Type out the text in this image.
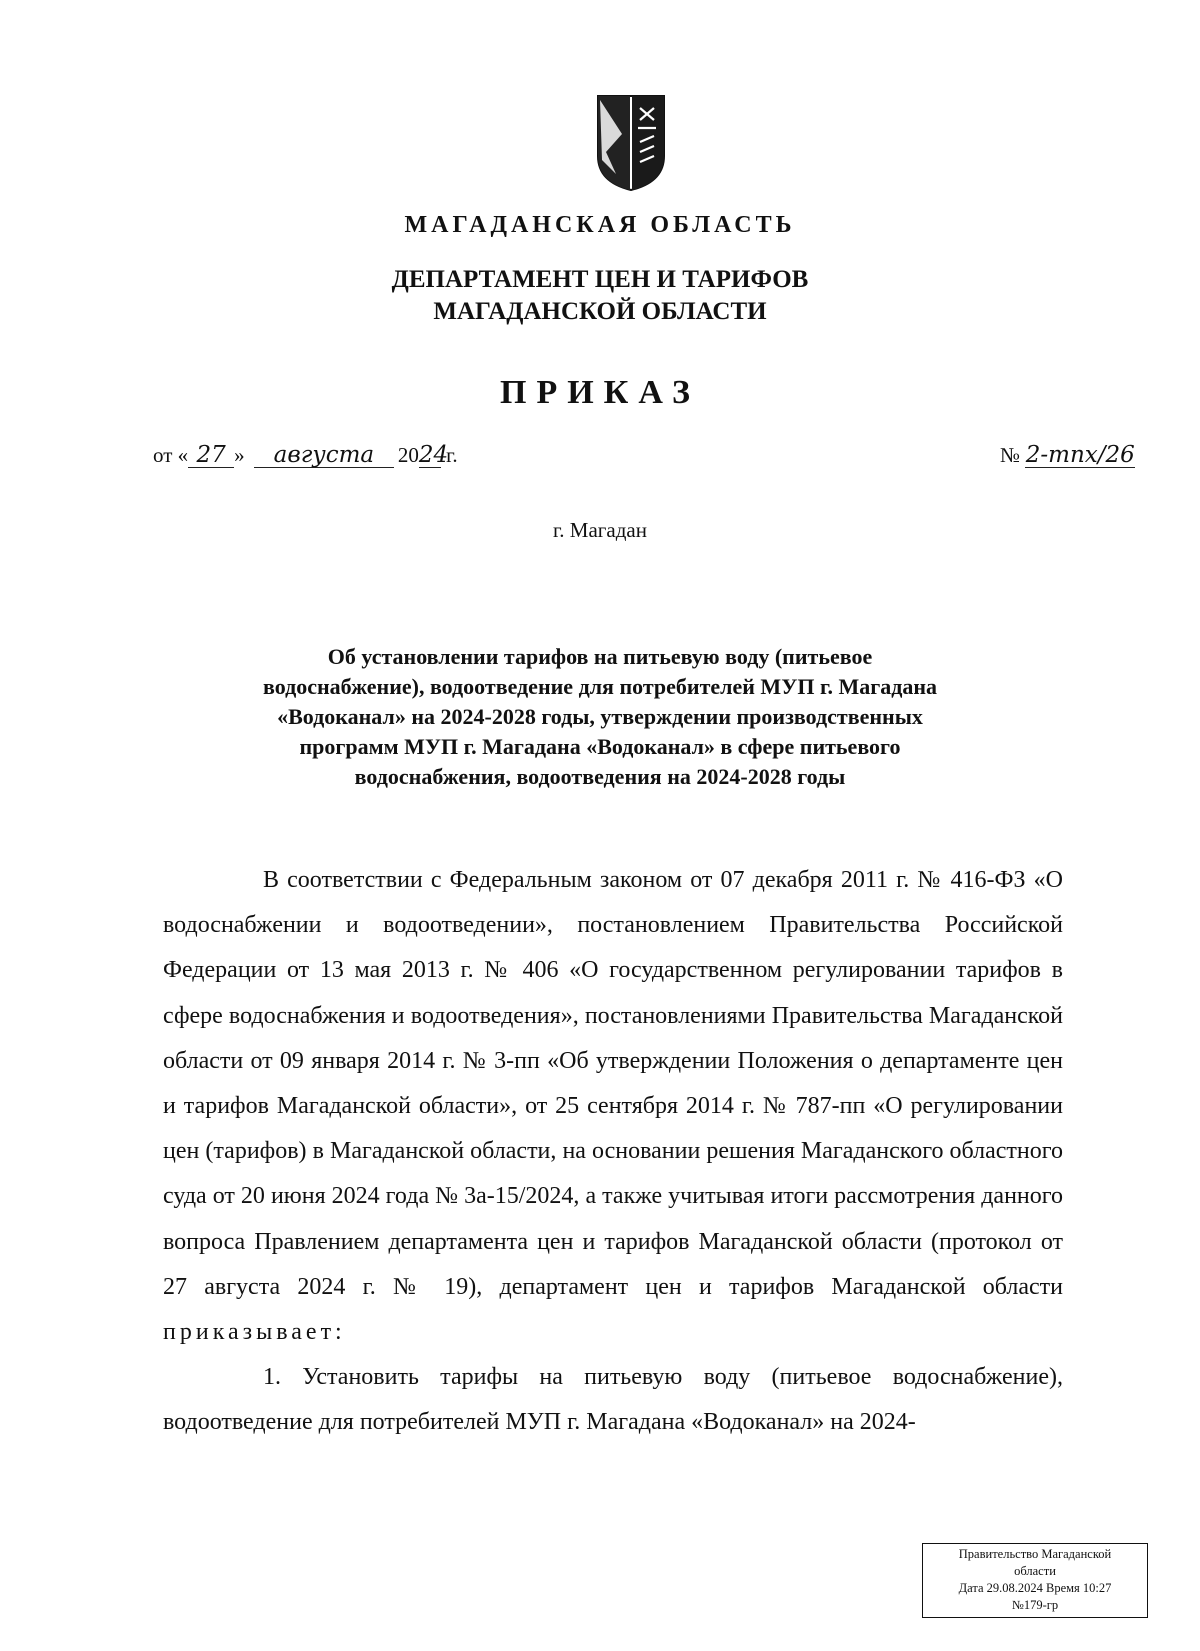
МАГАДАНСКАЯ ОБЛАСТЬ
ДЕПАРТАМЕНТ ЦЕН И ТАРИФОВ
МАГАДАНСКОЙ ОБЛАСТИ
ПРИКАЗ
от « 27 » августа 2024 г.	№ 2-тпх/26
г. Магадан
Об установлении тарифов на питьевую воду (питьевое
водоснабжение), водоотведение для потребителей МУП г. Магадана
«Водоканал» на 2024-2028 годы, утверждении производственных
программ МУП г. Магадана «Водоканал» в сфере питьевого
водоснабжения, водоотведения на 2024-2028 годы

В соответствии с Федеральным законом от 07 декабря 2011 г. № 416-ФЗ «О водоснабжении и водоотведении», постановлением Правительства Российской Федерации от 13 мая 2013 г. № 406 «О государственном регулировании тарифов в сфере водоснабжения и водоотведения», постановлениями Правительства Магаданской области от 09 января 2014 г. № 3-пп «Об утверждении Положения о департаменте цен и тарифов Магаданской области», от 25 сентября 2014 г. № 787-пп «О регулировании цен (тарифов) в Магаданской области, на основании решения Магаданского областного суда от 20 июня 2024 года № 3а-15/2024, а также учитывая итоги рассмотрения данного вопроса Правлением департамента цен и тарифов Магаданской области (протокол от 27 августа 2024 г. № 19), департамент цен и тарифов Магаданской области приказывает:

1. Установить тарифы на питьевую воду (питьевое водоснабжение), водоотведение для потребителей МУП г. Магадана «Водоканал» на 2024-

Правительство Магаданской
области
Дата 29.08.2024 Время 10:27
№179-гр
